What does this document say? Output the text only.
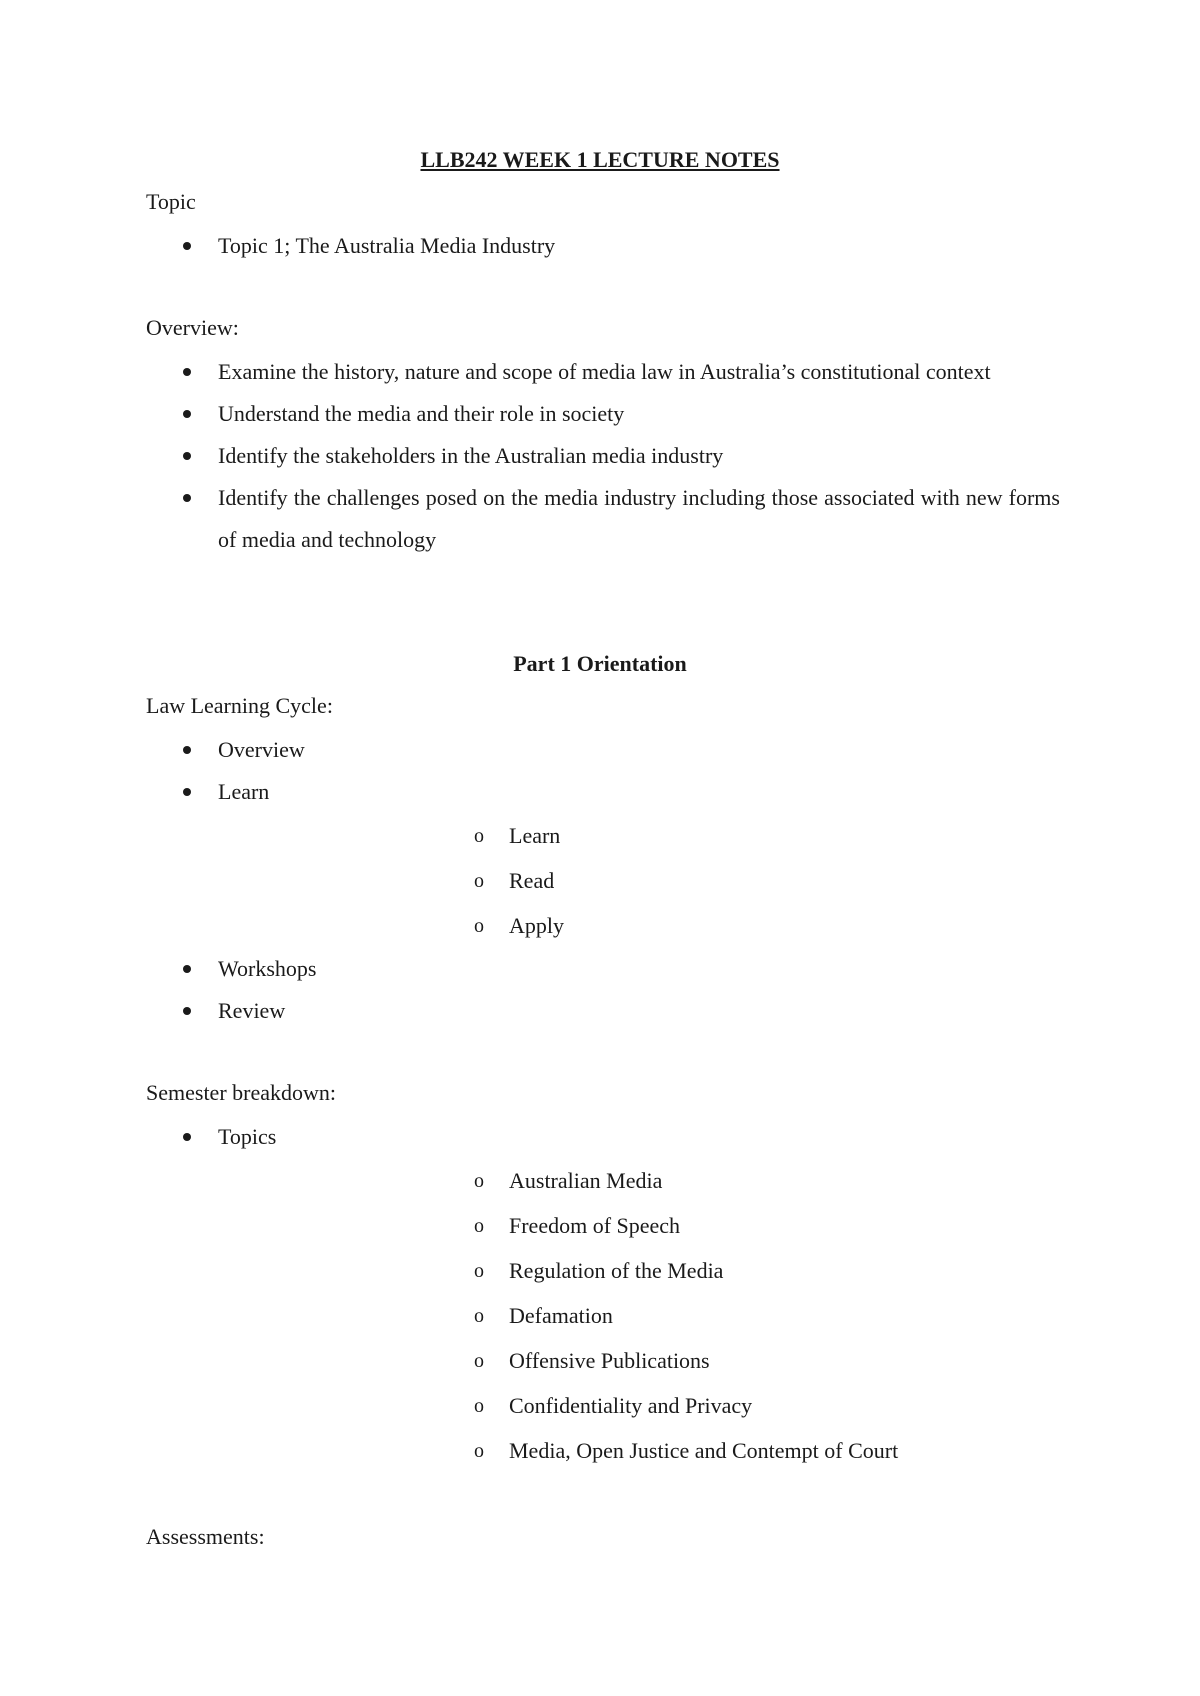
LLB242 WEEK 1 LECTURE NOTES
Topic
Topic 1; The Australia Media Industry
Overview:
Examine the history, nature and scope of media law in Australia’s constitutional context
Understand the media and their role in society
Identify the stakeholders in the Australian media industry
Identify the challenges posed on the media industry including those associated with new forms of media and technology
Part 1 Orientation
Law Learning Cycle:
Overview
Learn
o Learn
o Read
o Apply
Workshops
Review
Semester breakdown:
Topics
o Australian Media
o Freedom of Speech
o Regulation of the Media
o Defamation
o Offensive Publications
o Confidentiality and Privacy
o Media, Open Justice and Contempt of Court
Assessments:
